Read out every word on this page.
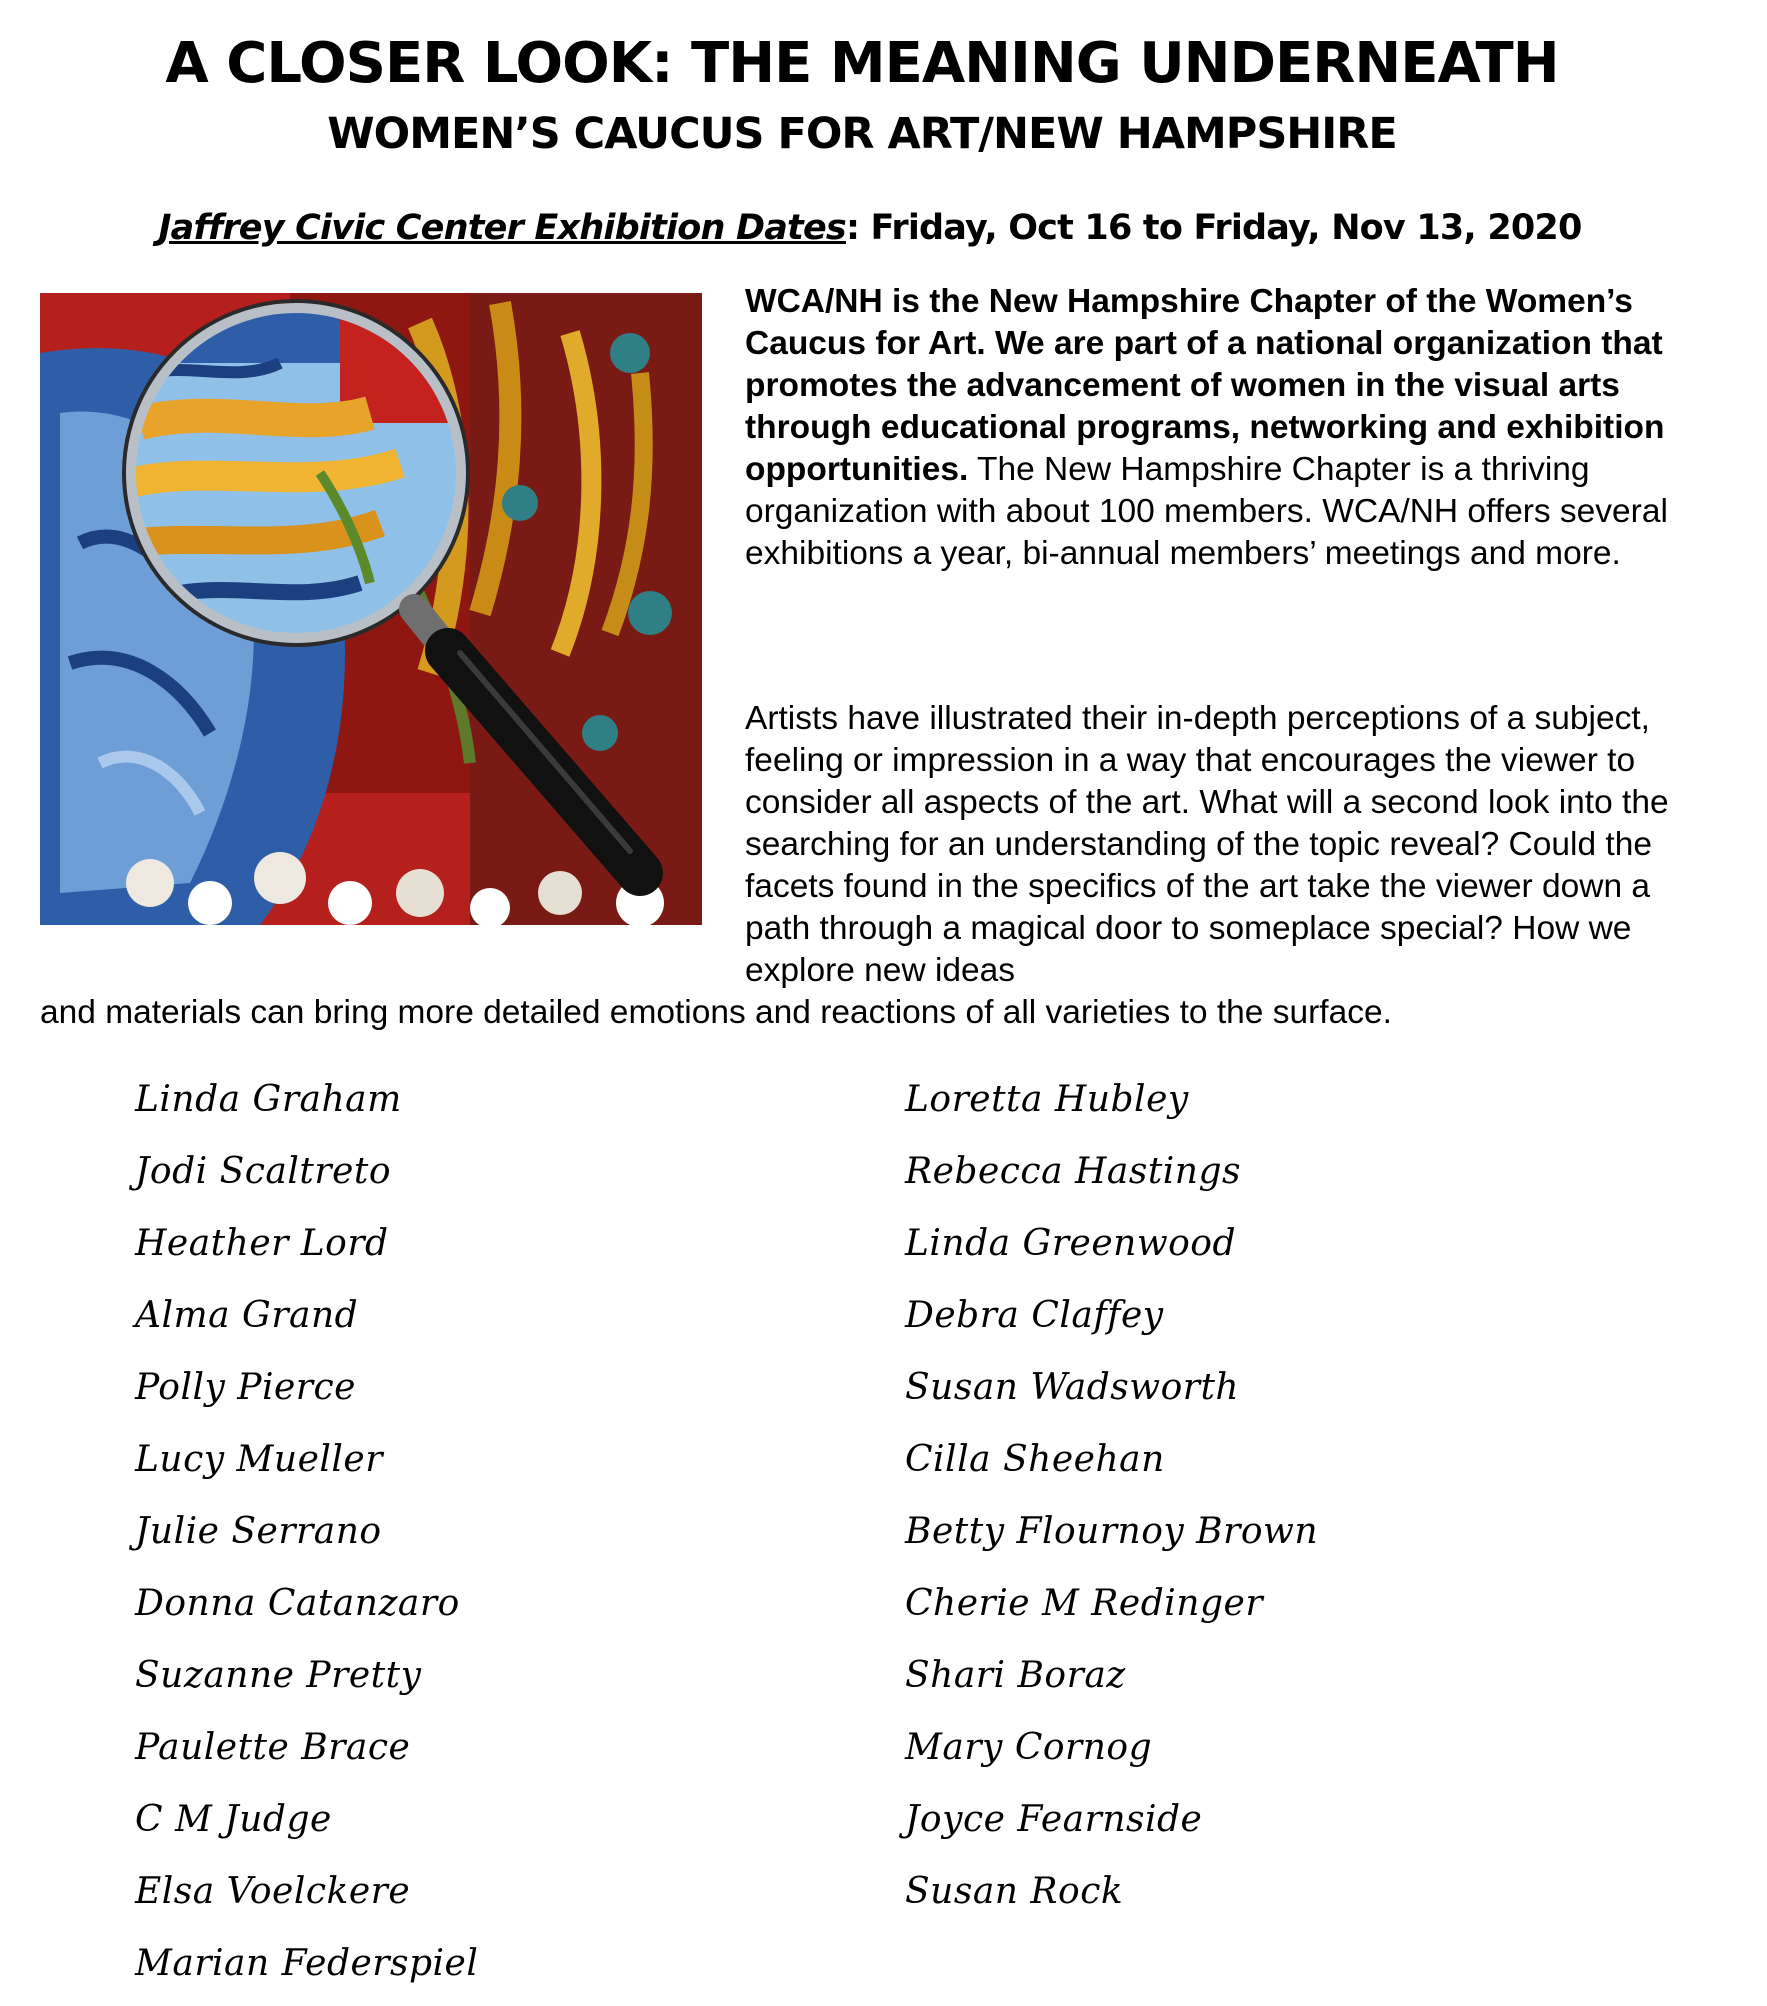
A CLOSER LOOK: THE MEANING UNDERNEATH
WOMEN’S CAUCUS FOR ART/NEW HAMPSHIRE
Jaffrey Civic Center Exhibition Dates: Friday, Oct 16 to Friday, Nov 13, 2020

WCA/NH is the New Hampshire Chapter of the Women’s Caucus for Art. We are part of a national organization that promotes the advancement of women in the visual arts through educational programs, networking and exhibition opportunities. The New Hampshire Chapter is a thriving organization with about 100 members. WCA/NH offers several exhibitions a year, bi-annual members’ meetings and more.

Artists have illustrated their in-depth perceptions of a subject, feeling or impression in a way that encourages the viewer to consider all aspects of the art. What will a second look into the searching for an understanding of the topic reveal? Could the facets found in the specifics of the art take the viewer down a path through a magical door to someplace special? How we explore new ideas

and materials can bring more detailed emotions and reactions of all varieties to the surface.

Linda Graham
Jodi Scaltreto
Heather Lord
Alma Grand
Polly Pierce
Lucy Mueller
Julie Serrano
Donna Catanzaro
Suzanne Pretty
Paulette Brace
C M Judge
Elsa Voelckere
Marian Federspiel
Loretta Hubley
Rebecca Hastings
Linda Greenwood
Debra Claffey
Susan Wadsworth
Cilla Sheehan
Betty Flournoy Brown
Cherie M Redinger
Shari Boraz
Mary Cornog
Joyce Fearnside
Susan Rock
